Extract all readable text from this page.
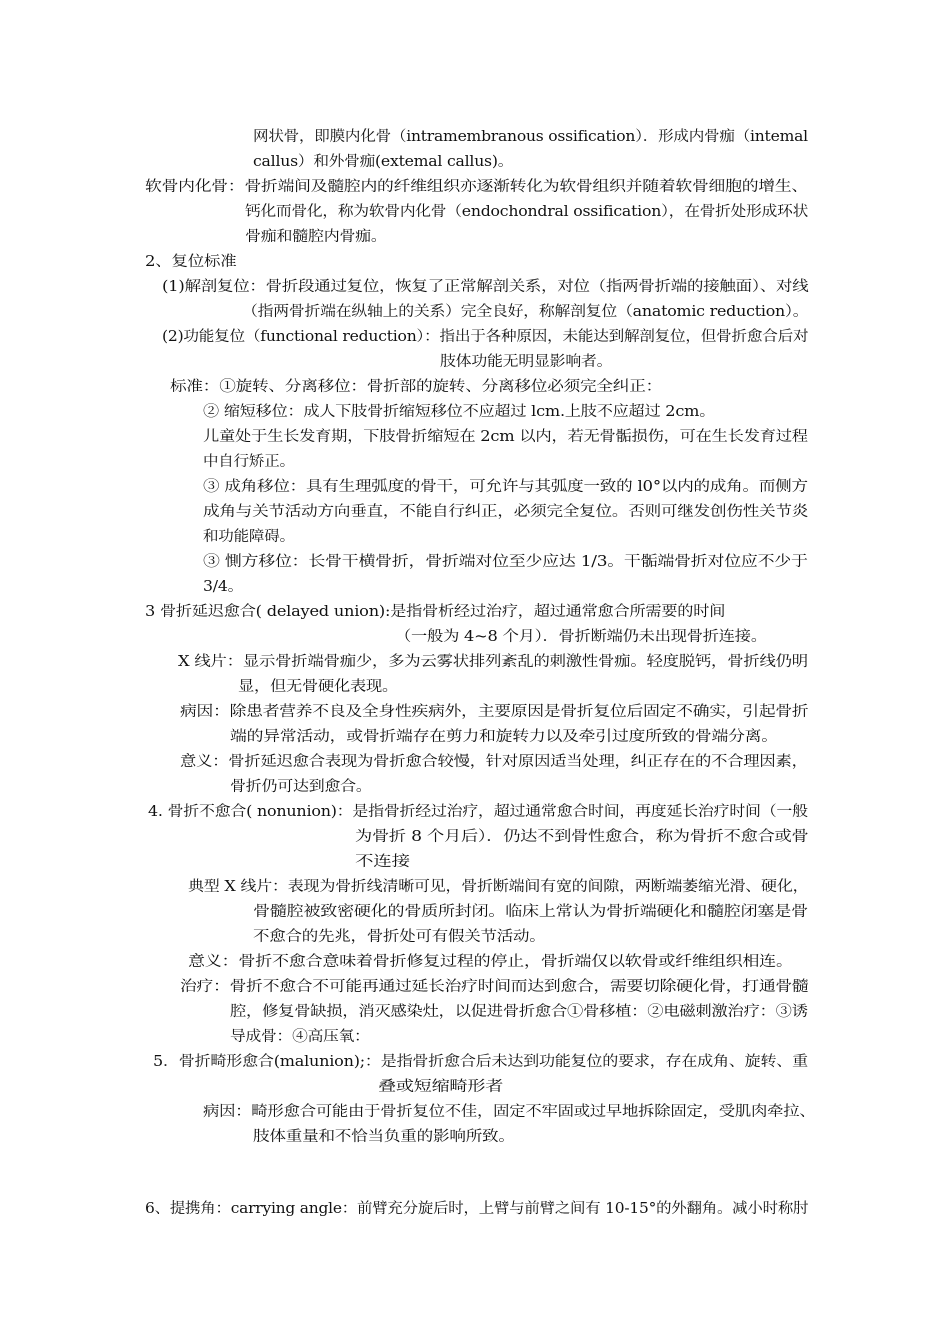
网状骨，即膜内化骨（intramembranous ossification）．形成内骨痂（intemal
callus）和外骨痂(extemal callus)。
软骨内化骨：骨折端间及髓腔内的纤维组织亦逐渐转化为软骨组织并随着软骨细胞的增生、
钙化而骨化，称为软骨内化骨（endochondral ossification），在骨折处形成环状
骨痂和髓腔内骨痂。
2、复位标准
(1)解剖复位：骨折段通过复位，恢复了正常解剖关系，对位（指两骨折端的接触面）、对线
（指两骨折端在纵轴上的关系）完全良好，称解剖复位（anatomic reduction）。
(2)功能复位（functional reduction）：指出于各种原因，未能达到解剖复位，但骨折愈合后对
肢体功能无明显影响者。
标准：①旋转、分离移位：骨折部的旋转、分离移位必须完全纠正：
② 缩短移位：成人下肢骨折缩短移位不应超过 lcm.上肢不应超过 2cm。
儿童处于生长发育期，下肢骨折缩短在 2cm 以内，若无骨骺损伤，可在生长发育过程
中自行矫正。
③ 成角移位：具有生理弧度的骨干，可允许与其弧度一致的 l0°以内的成角。而侧方
成角与关节活动方向垂直，不能自行纠正，必须完全复位。否则可继发创伤性关节炎
和功能障碍。
③ 惻方移位：长骨干横骨折，骨折端对位至少应达 1/3。干骺端骨折对位应不少于
3/4。
3 骨折延迟愈合( delayed union):是指骨析经过治疗，超过通常愈合所需要的时间
（一般为 4~8 个月）．骨折断端仍未出现骨折连接。
X 线片：显示骨折端骨痂少，多为云雾状排列紊乱的刺激性骨痂。轻度脱钙，骨折线仍明
显，但无骨硬化表现。
病因：除患者营养不良及全身性疾病外，主要原因是骨折复位后固定不确实，引起骨折
端的异常活动，或骨折端存在剪力和旋转力以及牵引过度所致的骨端分离。
意义：骨折延迟愈合表现为骨折愈合较慢，针对原因适当处理，纠正存在的不合理因素，
骨折仍可达到愈合。
4. 骨折不愈合( nonunion)：是指骨折经过治疗，超过通常愈合时间，再度延长治疗时间（一般
为骨折 8 个月后）．仍达不到骨性愈合，称为骨折不愈合或骨
不连接
典型 X 线片：表现为骨折线清晰可见，骨折断端间有宽的间隙，两断端萎缩光滑、硬化，
骨髓腔被致密硬化的骨质所封闭。临床上常认为骨折端硬化和髓腔闭塞是骨
不愈合的先兆，骨折处可有假关节活动。
意义：骨折不愈合意味着骨折修复过程的停止，骨折端仅以软骨或纤维组织相连。
治疗：骨折不愈合不可能再通过延长治疗时间而达到愈合，需要切除硬化骨，打通骨髓
腔，修复骨缺损，消灭感染灶，以促进骨折愈合①骨移植：②电磁刺激治疗：③诱
导成骨：④高压氧：
5．骨折畸形愈合(malunion);：是指骨折愈合后未达到功能复位的要求，存在成角、旋转、重
叠或短缩畸形者
病因：畸形愈合可能由于骨折复位不佳，固定不牢固或过早地拆除固定，受肌肉牵拉、
肢体重量和不恰当负重的影响所致。
6、提携角：carrying angle：前臂充分旋后时，上臂与前臂之间有 10-15°的外翻角。减小时称肘
